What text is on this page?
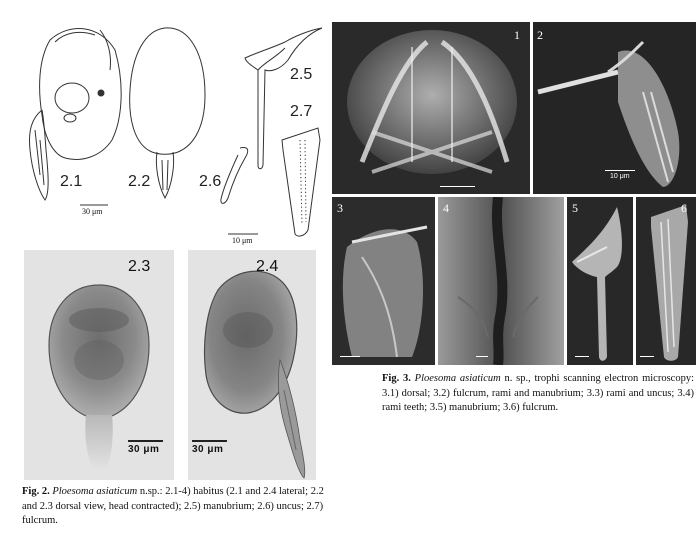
2.1	2.2	2.6
2.5
2.7
30 μm
10 μm
2.3
30 μm
2.4
30 μm
Fig. 2. Ploesoma asiaticum n.sp.: 2.1-4) habitus (2.1 and 2.4 lateral; 2.2 and 2.3 dorsal view, head contracted); 2.5) manubrium; 2.6) uncus; 2.7) fulcrum.
1 2
10 μm
3	4	5	6
Fig. 3. Ploesoma asiaticum n. sp., trophi scanning electron microscopy: 3.1) dorsal; 3.2) fulcrum, rami and manubrium; 3.3) rami and uncus; 3.4) rami teeth; 3.5) manubrium; 3.6) fulcrum.
